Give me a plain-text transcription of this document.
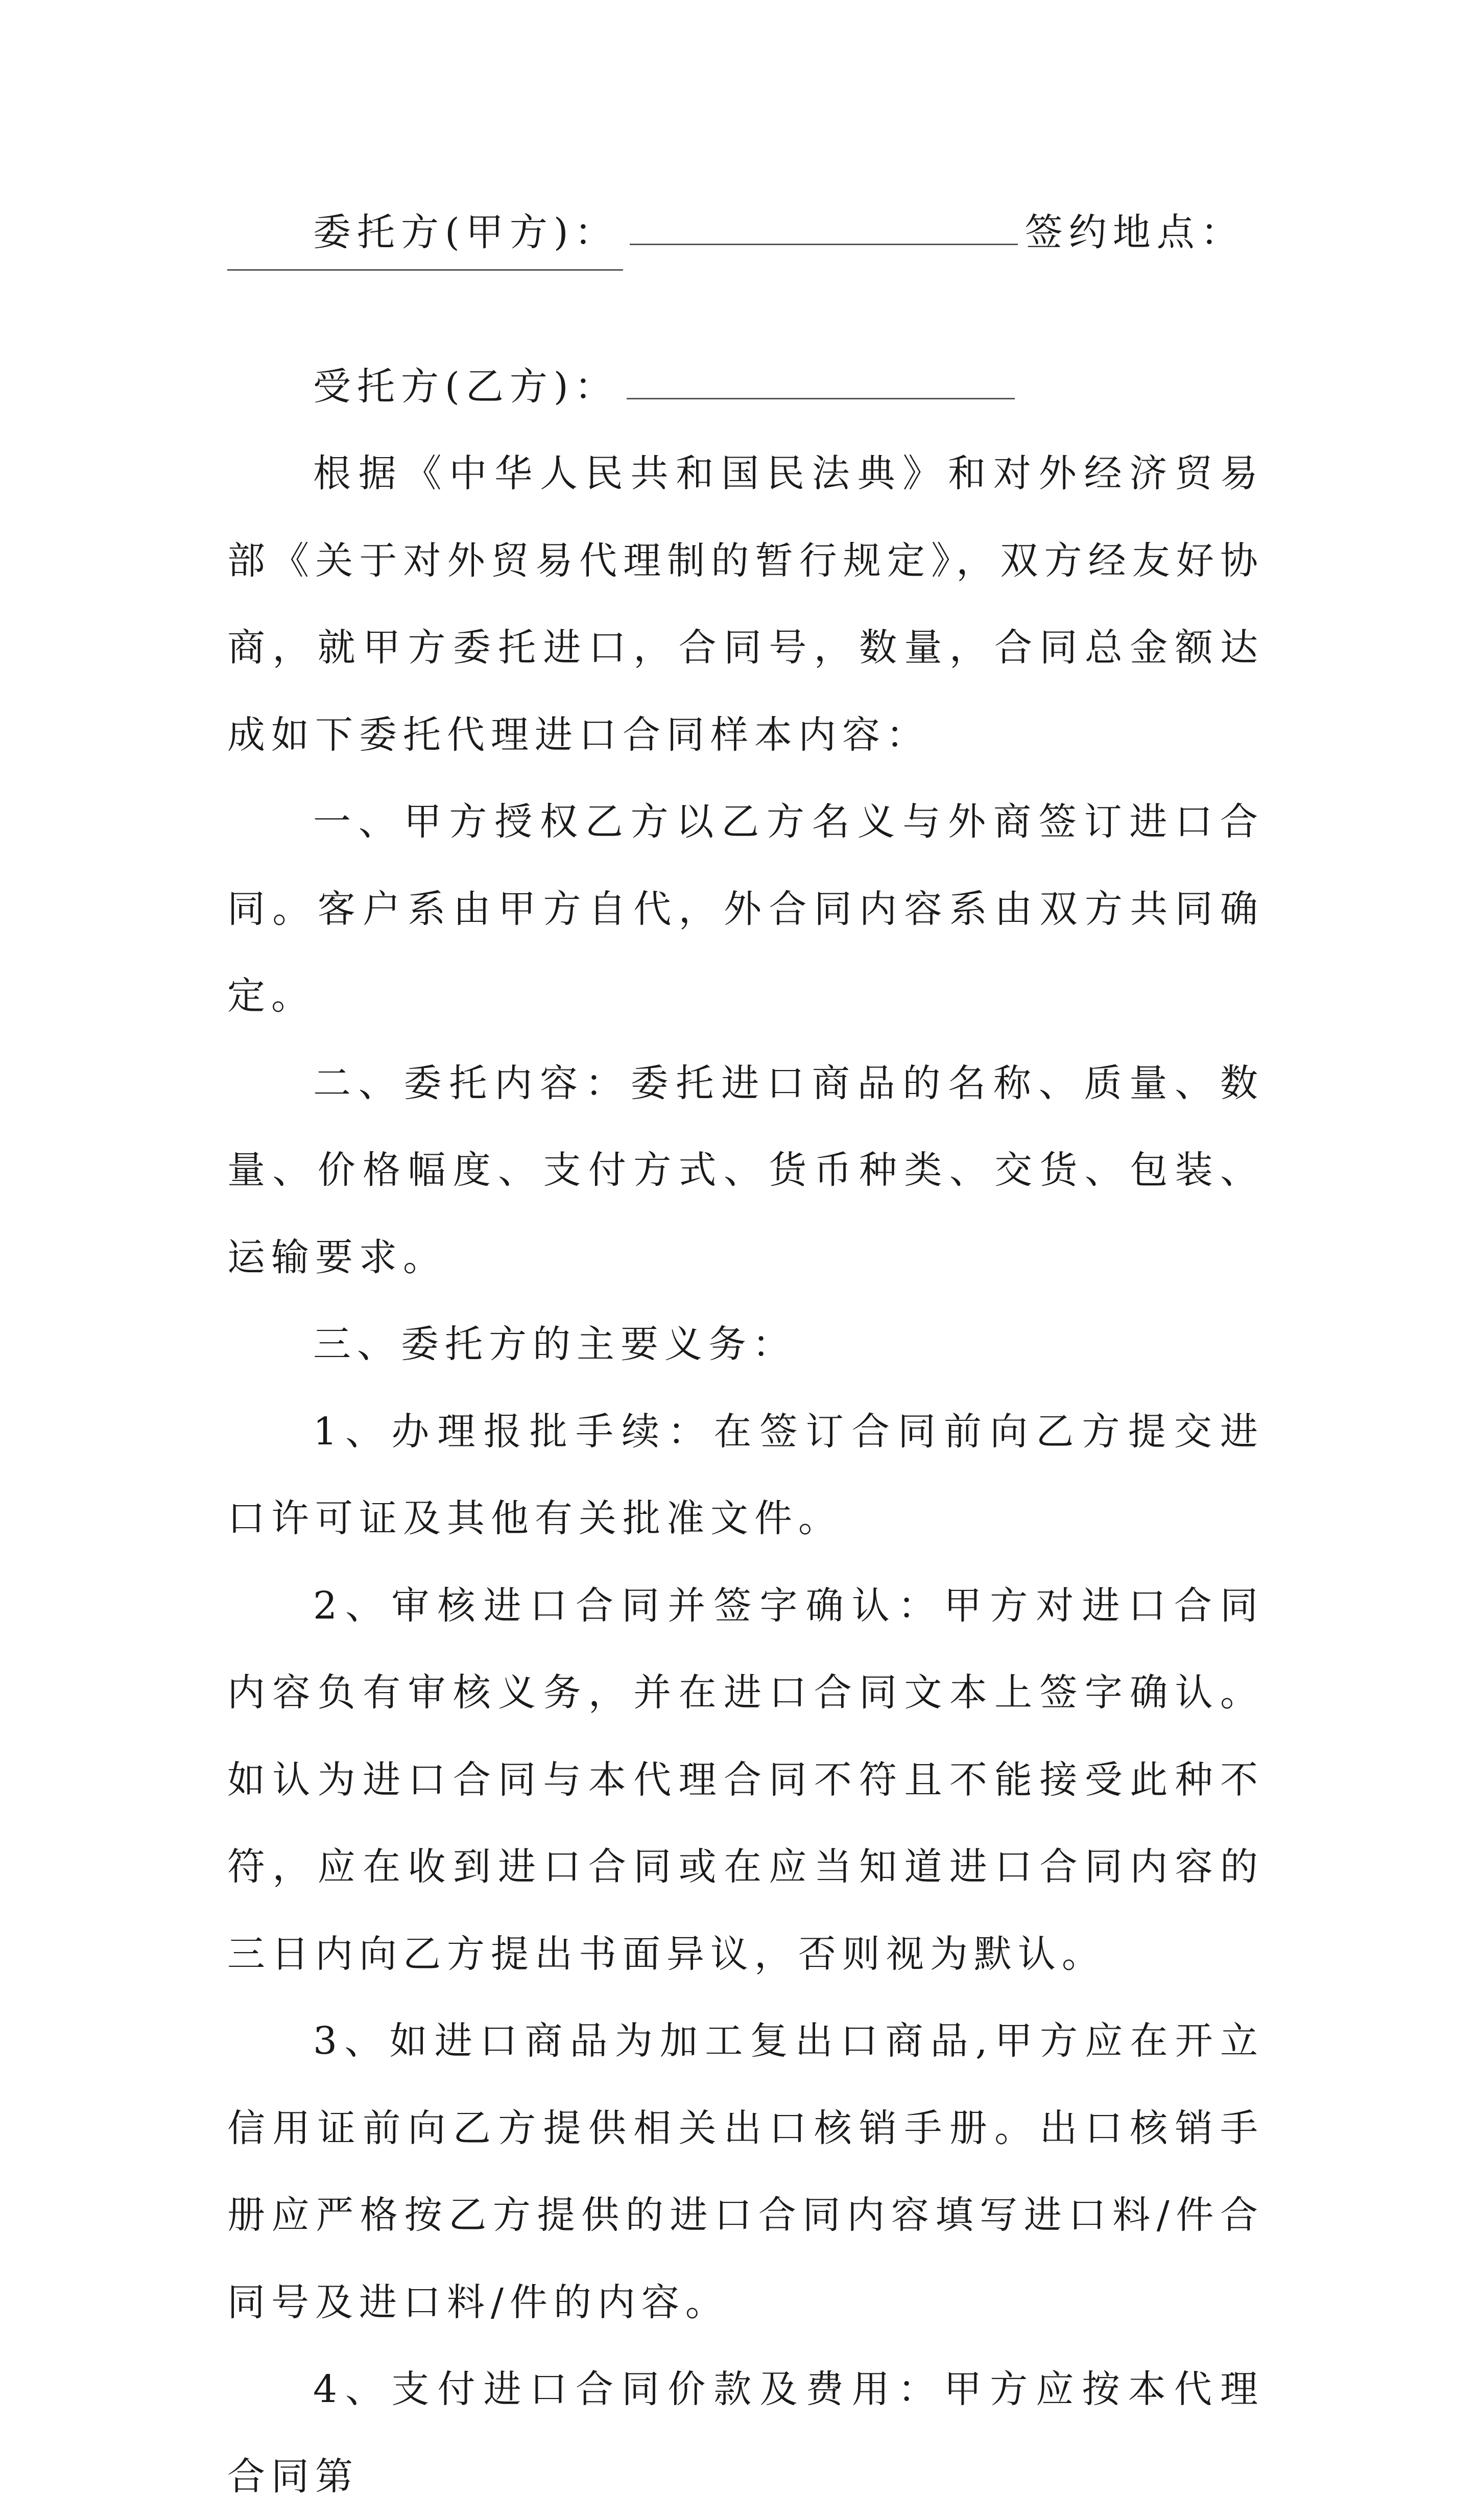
委托方(甲方)：	签约地点：

受托方(乙方)：

根据《中华人民共和国民法典》和对外经济贸易部《关于对外贸易代理制的暂行规定》，双方经友好协商，就甲方委托进口，合同号，数量，合同总金额达成如下委托代理进口合同样本内容：

一、甲方授权乙方以乙方名义与外商签订进口合同。客户系由甲方自代，外合同内容系由双方共同确定。

二、委托内容：委托进口商品的名称、质量、数量、价格幅度、支付方式、货币种类、交货、包装、运输要求。

三、委托方的主要义务：

1、办理报批手续：在签订合同前向乙方提交进口许可证及其他有关批准文件。

2、审核进口合同并签字确认：甲方对进口合同内容负有审核义务，并在进口合同文本上签字确认。如认为进口合同与本代理合同不符且不能接受此种不符，应在收到进口合同或在应当知道进口合同内容的三日内向乙方提出书面异议，否则视为默认。

3、如进口商品为加工复出口商品,甲方应在开立信用证前向乙方提供相关出口核销手册。出口核销手册应严格按乙方提供的进口合同内容填写进口料/件合同号及进口料/件的内容。

4、支付进口合同价款及费用：甲方应按本代理合同第
